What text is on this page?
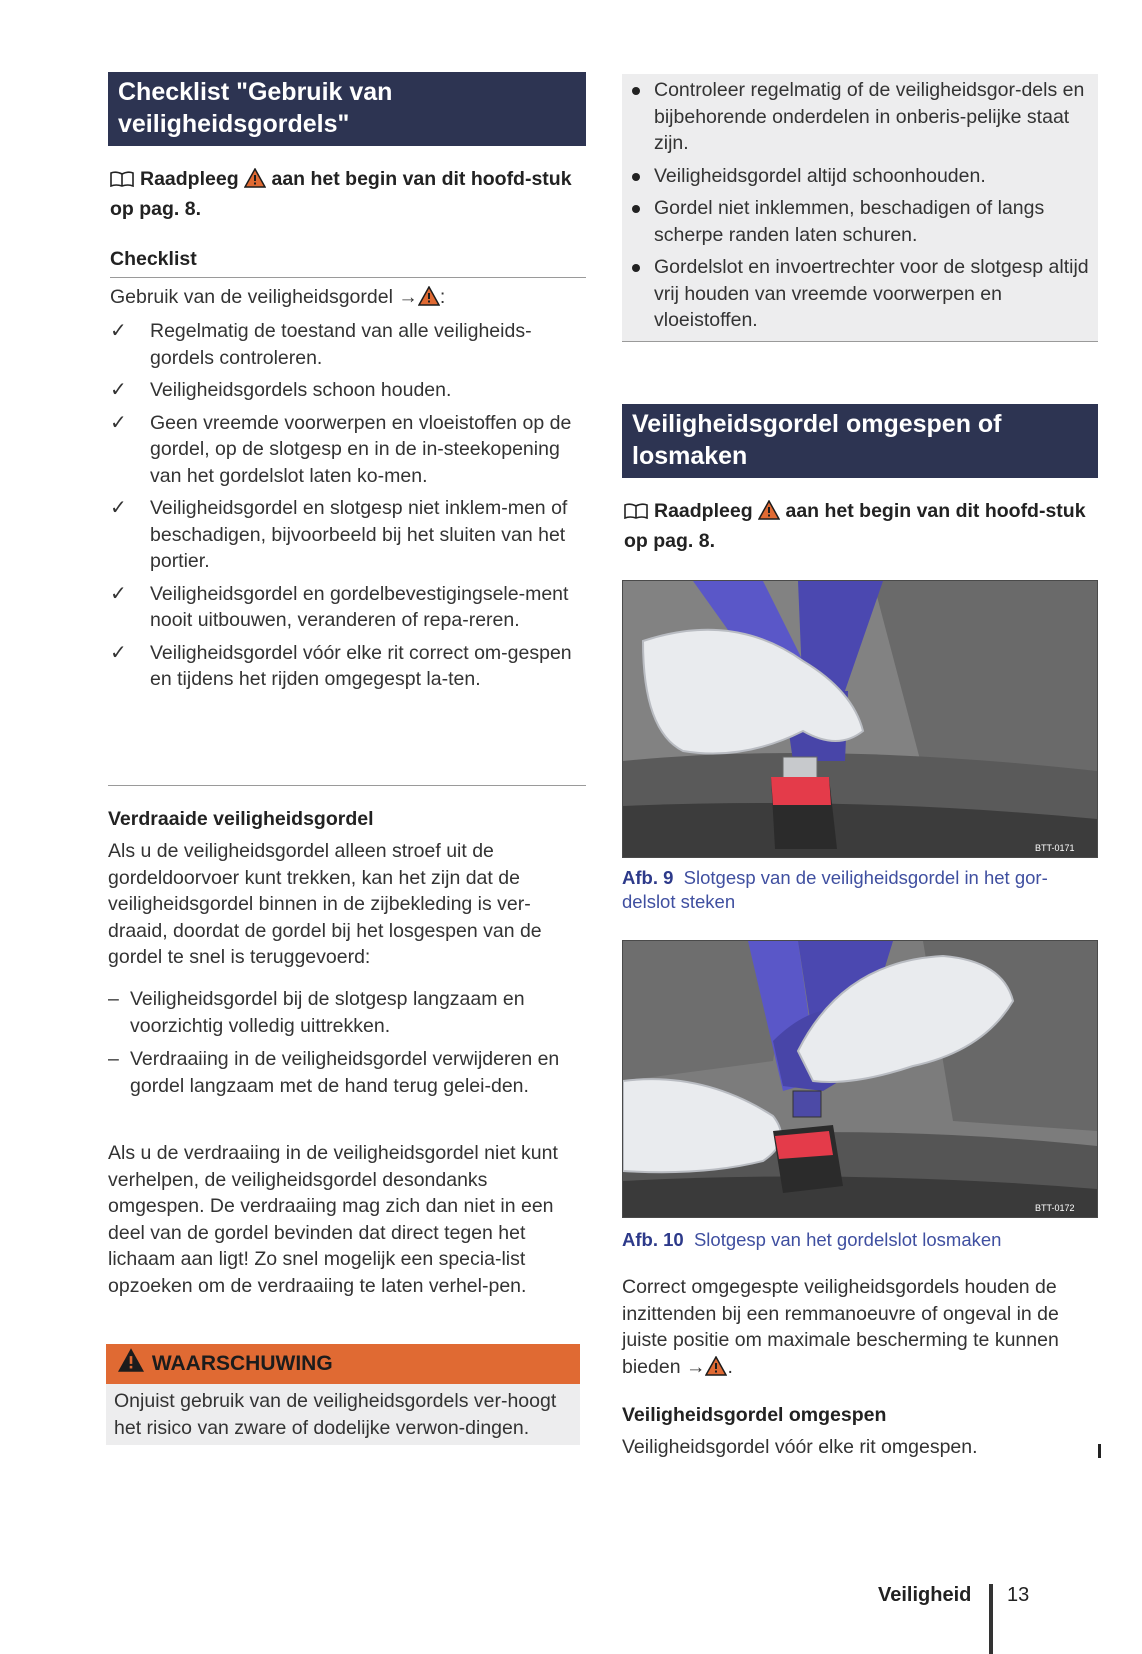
Checklist "Gebruik van veiligheidsgordels"
Raadpleeg aan het begin van dit hoofd-stuk op pag. 8.
Checklist
Gebruik van de veiligheidsgordel → :
✓ Regelmatig de toestand van alle veiligheids-gordels controleren.
✓ Veiligheidsgordels schoon houden.
✓ Geen vreemde voorwerpen en vloeistoffen op de gordel, op de slotgesp en in de in-steekopening van het gordelslot laten ko-men.
✓ Veiligheidsgordel en slotgesp niet inklem-men of beschadigen, bijvoorbeeld bij het sluiten van het portier.
✓ Veiligheidsgordel en gordelbevestigingsele-ment nooit uitbouwen, veranderen of repa-reren.
✓ Veiligheidsgordel vóór elke rit correct om-gespen en tijdens het rijden omgegespt la-ten.
Verdraaide veiligheidsgordel
Als u de veiligheidsgordel alleen stroef uit de gordeldoorvoer kunt trekken, kan het zijn dat de veiligheidsgordel binnen in de zijbekleding is ver-draaid, doordat de gordel bij het losgespen van de gordel te snel is teruggevoerd:
– Veiligheidsgordel bij de slotgesp langzaam en voorzichtig volledig uittrekken.
– Verdraaiing in de veiligheidsgordel verwijderen en gordel langzaam met de hand terug gelei-den.
Als u de verdraaiing in de veiligheidsgordel niet kunt verhelpen, de veiligheidsgordel desondanks omgespen. De verdraaiing mag zich dan niet in een deel van de gordel bevinden dat direct tegen het lichaam aan ligt! Zo snel mogelijk een specia-list opzoeken om de verdraaiing te laten verhel-pen.
WAARSCHUWING
Onjuist gebruik van de veiligheidsgordels ver-hoogt het risico van zware of dodelijke verwon-dingen.
Controleer regelmatig of de veiligheidsgor-dels en bijbehorende onderdelen in onberis-pelijke staat zijn.
Veiligheidsgordel altijd schoonhouden.
Gordel niet inklemmen, beschadigen of langs scherpe randen laten schuren.
Gordelslot en invoertrechter voor de slotgesp altijd vrij houden van vreemde voorwerpen en vloeistoffen.
Veiligheidsgordel omgespen of losmaken
Raadpleeg aan het begin van dit hoofd-stuk op pag. 8.
BTT-0171
Afb. 9 Slotgesp van de veiligheidsgordel in het gor-delslot steken
BTT-0172
Afb. 10 Slotgesp van het gordelslot losmaken
Correct omgegespte veiligheidsgordels houden de inzittenden bij een remmanoeuvre of ongeval in de juiste positie om maximale bescherming te kunnen bieden → .
Veiligheidsgordel omgespen
Veiligheidsgordel vóór elke rit omgespen.
Veiligheid 13
